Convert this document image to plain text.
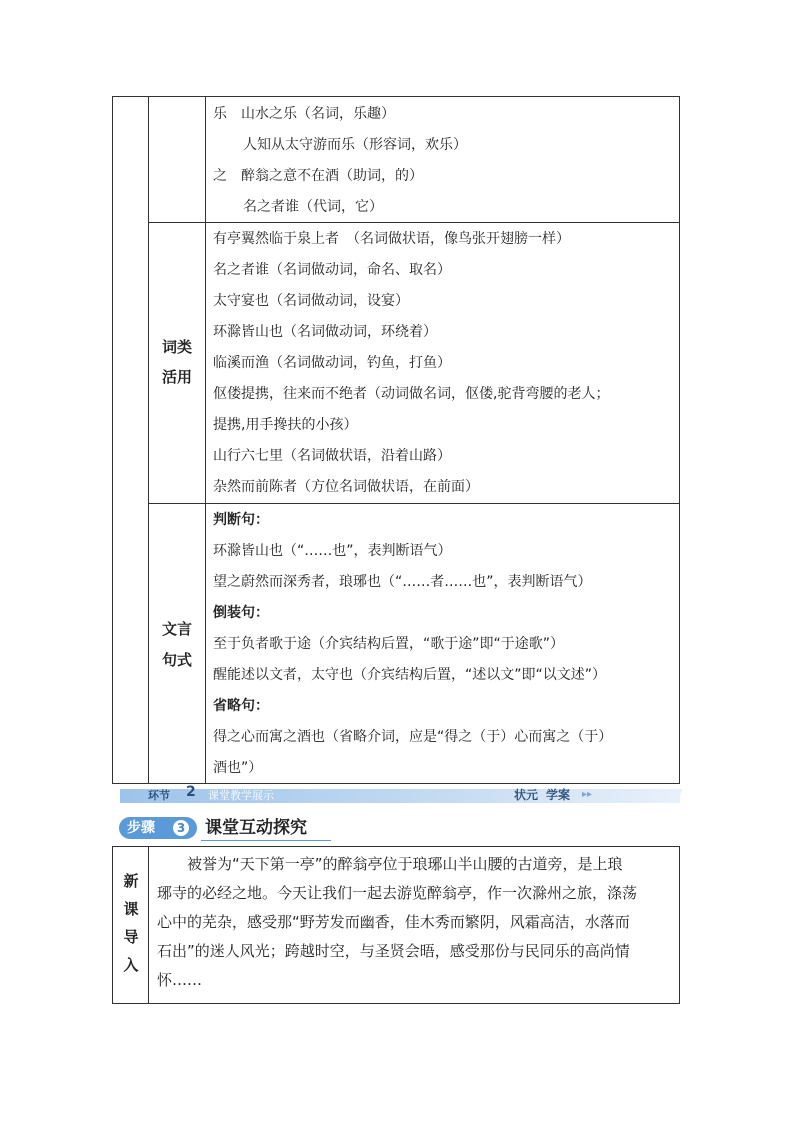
乐　山水之乐（名词，乐趣）
人知从太守游而乐（形容词，欢乐）
之　醉翁之意不在酒（助词，的）
名之者谁（代词，它）
词类
活用
有亭翼然临于泉上者　（名词做状语，像鸟张开翅膀一样）
名之者谁（名词做动词，命名、取名）
太守宴也（名词做动词，设宴）
环滁皆山也（名词做动词，环绕着）
临溪而渔（名词做动词，钓鱼，打鱼）
伛偻提携，往来而不绝者（动词做名词，伛偻,驼背弯腰的老人；
提携,用手搀扶的小孩）
山行六七里（名词做状语，沿着山路）
杂然而前陈者（方位名词做状语，在前面）
文言
句式
判断句：
环滁皆山也（“……也”，表判断语气）
望之蔚然而深秀者，琅琊也（“……者……也”，表判断语气）
倒装句：
至于负者歌于途（介宾结构后置，“歌于途”即“于途歌”）
醒能述以文者，太守也（介宾结构后置，“述以文”即“以文述”）
省略句：
得之心而寓之酒也（省略介词，应是“得之（于）心而寓之（于）
酒也”）
环节 2 课堂教学展示	状元 学案 ▸▸
步骤	3 课堂互动探究
新
课
导
入
　　被誉为“天下第一亭”的醉翁亭位于琅琊山半山腰的古道旁，是上琅
琊寺的必经之地。今天让我们一起去游览醉翁亭，作一次滁州之旅，涤荡
心中的芜杂，感受那“野芳发而幽香，佳木秀而繁阴，风霜高洁，水落而
石出”的迷人风光；跨越时空，与圣贤会晤，感受那份与民同乐的高尚情
怀……
